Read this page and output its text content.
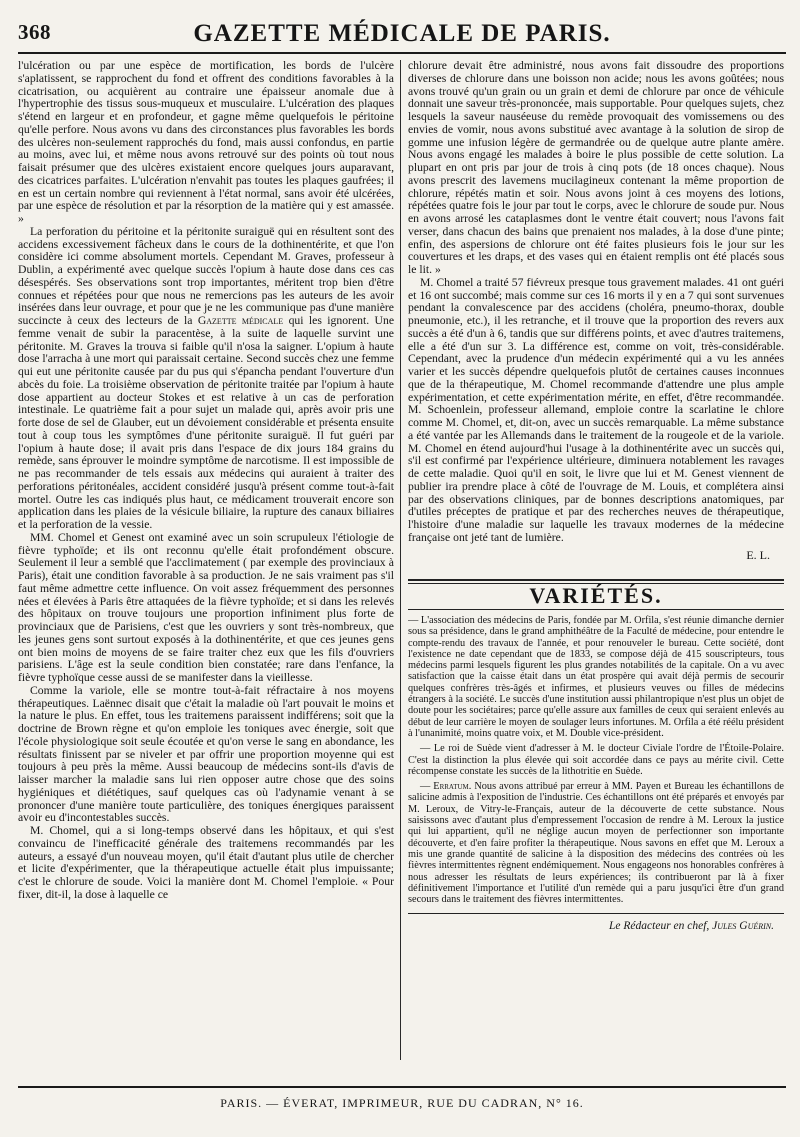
368	GAZETTE MÉDICALE DE PARIS.

l'ulcération ou par une espèce de mortification, les bords de l'ulcère s'aplatissent, se rapprochent du fond et offrent des conditions favorables à la cicatrisation, ou acquièrent au contraire une épaisseur anomale due à l'hypertrophie des tissus sous-muqueux et musculaire. L'ulcération des plaques s'étend en largeur et en profondeur, et gagne même quelquefois le péritoine qu'elle perfore. Nous avons vu dans des circonstances plus favorables les bords des ulcères non-seulement rapprochés du fond, mais aussi confondus, en partie au moins, avec lui, et même nous avons retrouvé sur des points où tout nous faisait présumer que des ulcères existaient encore quelques jours auparavant, des cicatrices parfaites. L'ulcération n'envahit pas toutes les plaques gaufrées; il en est un certain nombre qui reviennent à l'état normal, sans avoir été ulcérées, par une espèce de résolution et par la résorption de la matière qui y est amassée. »

La perforation du péritoine et la péritonite suraiguë qui en résultent sont des accidens excessivement fâcheux dans le cours de la dothinentérite, et que l'on considère ici comme absolument mortels. Cependant M. Graves, professeur à Dublin, a expérimenté avec quelque succès l'opium à haute dose dans ces cas désespérés. Ses observations sont trop importantes, méritent trop bien d'être connues et répétées pour que nous ne remercions pas les auteurs de les avoir insérées dans leur ouvrage, et pour que je ne les communique pas d'une manière succincte à ceux des lecteurs de la Gazette médicale qui les ignorent. Une femme venait de subir la paracentèse, à la suite de laquelle survint une péritonite. M. Graves la trouva si faible qu'il n'osa la saigner. L'opium à haute dose l'arracha à une mort qui paraissait certaine. Second succès chez une femme qui eut une péritonite causée par du pus qui s'épancha pendant l'ouverture d'un abcès du foie. La troisième observation de péritonite traitée par l'opium à haute dose appartient au docteur Stokes et est relative à un cas de perforation intestinale. Le quatrième fait a pour sujet un malade qui, après avoir pris une forte dose de sel de Glauber, eut un dévoiement considérable et présenta ensuite tout à coup tous les symptômes d'une péritonite suraiguë. Il fut guéri par l'opium à haute dose; il avait pris dans l'espace de dix jours 184 grains du remède, sans éprouver le moindre symptôme de narcotisme. Il est impossible de ne pas recommander de tels essais aux médecins qui auraient à traiter des perforations péritonéales, accident considéré jusqu'à présent comme tout-à-fait mortel. Outre les cas indiqués plus haut, ce médicament trouverait encore son application dans les plaies de la vésicule biliaire, la rupture des canaux biliaires et la perforation de la vessie.

MM. Chomel et Genest ont examiné avec un soin scrupuleux l'étiologie de fièvre typhoïde; et ils ont reconnu qu'elle était profondément obscure. Seulement il leur a semblé que l'acclimatement ( par exemple des provinciaux à Paris), était une condition favorable à sa production. Je ne sais vraiment pas s'il faut même admettre cette influence. On voit assez fréquemment des personnes nées et élevées à Paris être attaquées de la fièvre typhoïde; et si dans les relevés des hôpitaux on trouve toujours une proportion infiniment plus forte de provinciaux que de Parisiens, c'est que les ouvriers y sont très-nombreux, que les jeunes gens sont surtout exposés à la dothinentérite, et que ces jeunes gens ont bien moins de moyens de se faire traiter chez eux que les fils d'ouvriers parisiens. L'âge est la seule condition bien constatée; rare dans l'enfance, la fièvre typhoïque cesse aussi de se manifester dans la vieillesse.

Comme la variole, elle se montre tout-à-fait réfractaire à nos moyens thérapeutiques. Laënnec disait que c'était la maladie où l'art pouvait le moins et la nature le plus. En effet, tous les traitemens paraissent indifférens; soit que la doctrine de Brown règne et qu'on emploie les toniques avec énergie, soit que l'école physiologique soit seule écoutée et qu'on verse le sang en abondance, les résultats finissent par se niveler et par offrir une proportion moyenne qui est toujours à peu près la même. Aussi beaucoup de médecins sont-ils d'avis de laisser marcher la maladie sans lui rien opposer autre chose que des soins hygiéniques et diététiques, sauf quelques cas où l'adynamie venant à se prononcer d'une manière toute particulière, des toniques énergiques paraissent avoir eu d'incontestables succès.

M. Chomel, qui a si long-temps observé dans les hôpitaux, et qui s'est convaincu de l'inefficacité générale des traitemens recommandés par les auteurs, a essayé d'un nouveau moyen, qu'il était d'autant plus utile de chercher et licite d'expérimenter, que la thérapeutique actuelle était plus impuissante; c'est le chlorure de soude. Voici la manière dont M. Chomel l'emploie. « Pour fixer, dit-il, la dose à laquelle ce

chlorure devait être administré, nous avons fait dissoudre des proportions diverses de chlorure dans une boisson non acide; nous les avons goûtées; nous avons trouvé qu'un grain ou un grain et demi de chlorure par once de véhicule donnait une saveur très-prononcée, mais supportable. Pour quelques sujets, chez lesquels la saveur nauséeuse du remède provoquait des vomissemens ou des envies de vomir, nous avons substitué avec avantage à la solution de sirop de gomme une infusion légère de germandrée ou de quelque autre plante amère. Nous avons engagé les malades à boire le plus possible de cette solution. La plupart en ont pris par jour de trois à cinq pots (de 18 onces chaque). Nous avons prescrit des lavemens mucilagineux contenant la même proportion de chlorure, répétés matin et soir. Nous avons joint à ces moyens des lotions, répétées quatre fois le jour par tout le corps, avec le chlorure de soude pur. Nous en avons arrosé les cataplasmes dont le ventre était couvert; nous l'avons fait verser, dans chacun des bains que prenaient nos malades, à la dose d'une pinte; enfin, des aspersions de chlorure ont été faites plusieurs fois le jour sur les couvertures et les draps, et des vases qui en étaient remplis ont été placés sous le lit. »

M. Chomel a traité 57 fiévreux presque tous gravement malades. 41 ont guéri et 16 ont succombé; mais comme sur ces 16 morts il y en a 7 qui sont survenues pendant la convalescence par des accidens (choléra, pneumo-thorax, double pneumonie, etc.), il les retranche, et il trouve que la proportion des revers aux succès a été d'un à 6, tandis que sur différens points, et avec d'autres traitemens, elle a été d'un sur 3. La différence est, comme on voit, très-considérable. Cependant, avec la prudence d'un médecin expérimenté qui a vu les années varier et les succès dépendre quelquefois plutôt de certaines causes inconnues que de la thérapeutique, M. Chomel recommande d'attendre une plus ample expérimentation, et cette expérimentation mérite, en effet, d'être recommandée. M. Schoenlein, professeur allemand, emploie contre la scarlatine le chlore comme M. Chomel, et, dit-on, avec un succès remarquable. La même substance a été vantée par les Allemands dans le traitement de la rougeole et de la variole. M. Chomel en étend aujourd'hui l'usage à la dothinentérite avec un succès qui, s'il est confirmé par l'expérience ultérieure, diminuera notablement les ravages de cette maladie. Quoi qu'il en soit, le livre que lui et M. Genest viennent de publier ira prendre place à côté de l'ouvrage de M. Louis, et complétera ainsi par des observations cliniques, par de bonnes descriptions anatomiques, par d'utiles préceptes de pratique et par des recherches neuves de thérapeutique, l'histoire d'une maladie sur laquelle les travaux modernes de la médecine française ont jeté tant de lumière.

E. L.
VARIÉTÉS.

— L'association des médecins de Paris, fondée par M. Orfila, s'est réunie dimanche dernier sous sa présidence, dans le grand amphithéâtre de la Faculté de médecine, pour entendre le compte-rendu des travaux de l'année, et pour renouveler le bureau. Cette société, dont l'existence ne date cependant que de 1833, se compose déjà de 415 souscripteurs, tous médecins parmi lesquels figurent les plus grandes notabilités de la capitale. On a vu avec satisfaction que la caisse était dans un état prospère qui avait déjà permis de secourir quelques confrères très-âgés et infirmes, et plusieurs veuves ou filles de médecins étrangers à la société. Le succès d'une institution aussi philantropique n'est plus un objet de doute pour les sociétaires; parce qu'elle assure aux familles de ceux qui seraient enlevés au début de leur carrière le moyen de soulager leurs infortunes. M. Orfila a été réélu président à l'unanimité, moins quatre voix, et M. Double vice-président.

— Le roi de Suède vient d'adresser à M. le docteur Civiale l'ordre de l'Étoile-Polaire. C'est la distinction la plus élevée qui soit accordée dans ce pays au mérite civil. Cette récompense constate les succès de la lithotritie en Suède.

— Erratum. Nous avons attribué par erreur à MM. Payen et Bureau les échantillons de salicine admis à l'exposition de l'industrie. Ces échantillons ont été préparés et envoyés par M. Leroux, de Vitry-le-Français, auteur de la découverte de cette substance. Nous saisissons avec d'autant plus d'empressement l'occasion de rendre à M. Leroux la justice qui lui appartient, qu'il ne néglige aucun moyen de perfectionner son importante découverte, et d'en faire profiter la thérapeutique. Nous savons en effet que M. Leroux a mis une grande quantité de salicine à la disposition des médecins des contrées où les fièvres intermittentes règnent endémiquement. Nous engageons nos honorables confrères à nous adresser les résultats de leurs expériences; ils contribueront par là à fixer définitivement l'importance et l'utilité d'un remède qui a paru jusqu'ici être d'un grand secours dans le traitement des fièvres intermittentes.

Le Rédacteur en chef, Jules Guérin.
PARIS. — ÉVERAT, IMPRIMEUR, RUE DU CADRAN, N° 16.
